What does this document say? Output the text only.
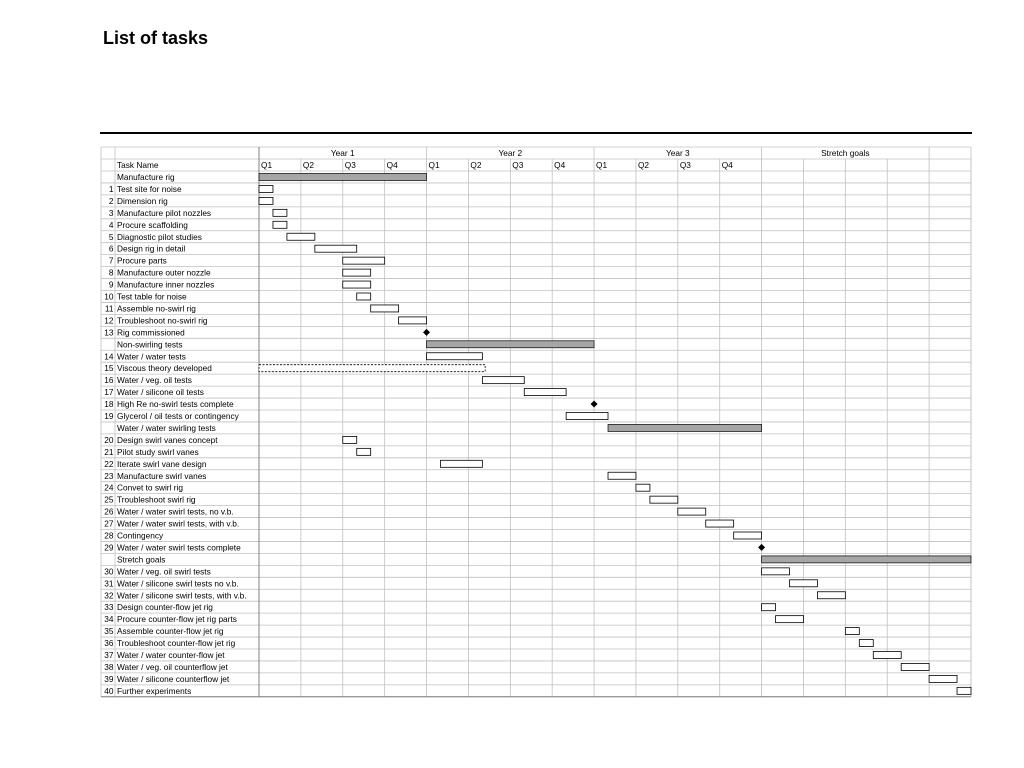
List of tasks
Year 1	Year 2	Year 3	Stretch goals
Q1	Q2	Q3	Q4	Q1	Q2	Q3	Q4	Q1	Q2	Q3	Q4
Task Name
Manufacture rig
1 Test site for noise
2 Dimension rig
3 Manufacture pilot nozzles
4 Procure scaffolding
5 Diagnostic pilot studies
6 Design rig in detail
7 Procure parts
8 Manufacture outer nozzle
9 Manufacture inner nozzles
10 Test table for noise
11 Assemble no-swirl rig
12 Troubleshoot no-swirl rig
13 Rig commissioned
Non-swirling tests
14 Water / water tests
15 Viscous theory developed
16 Water / veg. oil tests
17 Water / silicone oil tests
18 High Re no-swirl tests complete
19 Glycerol / oil tests or contingency
Water / water swirling tests
20 Design swirl vanes concept
21 Pilot study swirl vanes
22 Iterate swirl vane design
23 Manufacture swirl vanes
24 Convet to swirl rig
25 Troubleshoot swirl rig
26 Water / water swirl tests, no v.b.
27 Water / water swirl tests, with v.b.
28 Contingency
29 Water / water swirl tests complete
Stretch goals
30 Water / veg. oil swirl tests
31 Water / silicone swirl tests no v.b.
32 Water / silicone swirl tests, with v.b.
33 Design counter-flow jet rig
34 Procure counter-flow jet rig parts
35 Assemble counter-flow jet rig
36 Troubleshoot counter-flow jet rig
37 Water / water counter-flow jet
38 Water / veg. oil counterflow jet
39 Water / silicone counterflow jet
40 Further experiments
